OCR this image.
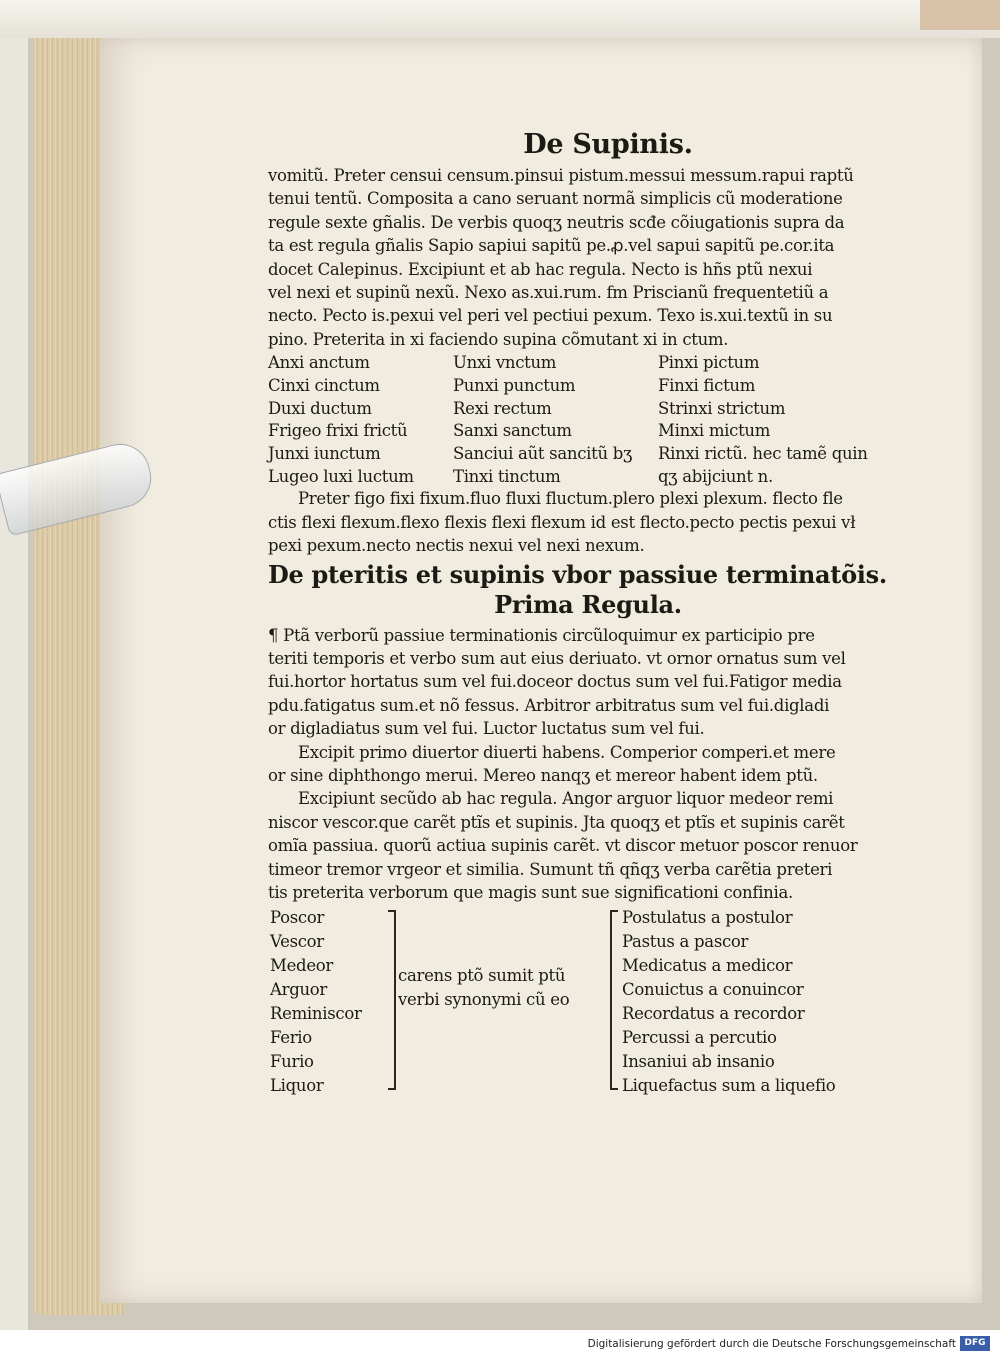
De Supinis.
vomitũ. Preter censui censum.pinsui pistum.messui messum.rapui raptũ
tenui tentũ. Composita a cano seruant normã simplicis cũ moderatione
regule sexte gñalis. De verbis quoqʒ neutris scđe cõiugationis supra da
ta est regula gñalis Sapio sapiui sapitũ pe.ꝓ.vel sapui sapitũ pe.cor.ita
docet Calepinus. Excipiunt et ab hac regula. Necto is hñs ptũ nexui
vel nexi et supinũ nexũ. Nexo as.xui.rum. fm Priscianũ frequentetiũ a
necto. Pecto is.pexui vel peri vel pectiui pexum. Texo is.xui.textũ in su
pino. Preterita in xi faciendo supina cõmutant xi in ctum.
Anxi anctum
Cinxi cinctum
Duxi ductum
Frigeo frixi frictũ
Junxi iunctum
Lugeo luxi luctum
Unxi vnctum
Punxi punctum
Rexi rectum
Sanxi sanctum
Sanciui aũt sancitũ bʒ
Tinxi tinctum
Pinxi pictum
Finxi fictum
Strinxi strictum
Minxi mictum
Rinxi rictũ. hec tamẽ quin
qʒ abijciunt n.
Preter figo fixi fixum.fluo fluxi fluctum.plero plexi plexum. flecto fle
ctis flexi flexum.flexo flexis flexi flexum id est flecto.pecto pectis pexui vł
pexi pexum.necto nectis nexui vel nexi nexum.
De pteritis et supinis vbor passiue terminatõis.
Prima Regula.
¶ Ptã verborũ passiue terminationis circũloquimur ex participio pre
teriti temporis et verbo sum aut eius deriuato. vt ornor ornatus sum vel
fui.hortor hortatus sum vel fui.doceor doctus sum vel fui.Fatigor media
pdu.fatigatus sum.et nõ fessus. Arbitror arbitratus sum vel fui.digladi
or digladiatus sum vel fui. Luctor luctatus sum vel fui.
Excipit primo diuertor diuerti habens. Comperior comperi.et mere
or sine diphthongo merui. Mereo nanqʒ et mereor habent idem ptũ.
Excipiunt secũdo ab hac regula. Angor arguor liquor medeor remi
niscor vescor.que carẽt ptĩs et supinis. Jta quoqʒ et ptĩs et supinis carẽt
omĩa passiua. quorũ actiua supinis carẽt. vt discor metuor poscor renuor
timeor tremor vrgeor et similia. Sumunt tñ qñqʒ verba carẽtia preteri
tis preterita verborum que magis sunt sue significationi confinia.
Poscor
Vescor
Medeor
Arguor
Reminiscor
Ferio
Furio
Liquor
carens ptõ sumit ptũ
verbi synonymi cũ eo
Postulatus a postulor
Pastus a pascor
Medicatus a medicor
Conuictus a conuincor
Recordatus a recordor
Percussi a percutio
Insaniui ab insanio
Liquefactus sum a liquefio
Digitalisierung gefördert durch die Deutsche Forschungsgemeinschaft DFG
